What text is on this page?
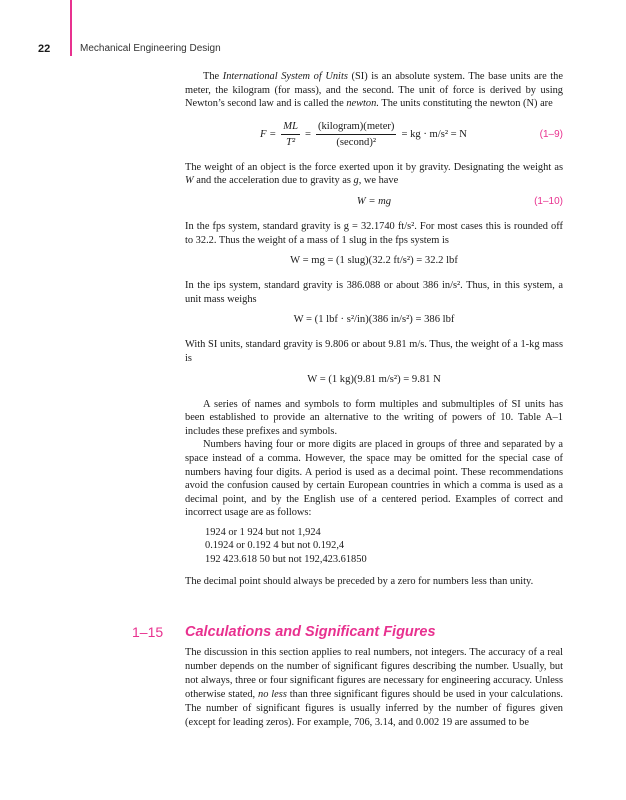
22	Mechanical Engineering Design

The International System of Units (SI) is an absolute system. The base units are the meter, the kilogram (for mass), and the second. The unit of force is derived by using Newton’s second law and is called the newton. The units constituting the newton (N) are

$F = \frac{ML}{\text{T²}} = \frac{\text{(kilogram)(meter)}}{\text{(second)²}}$ = kg · m/s² = N	(1–9)

The weight of an object is the force exerted upon it by gravity. Designating the weight as W and the acceleration due to gravity as g, we have

W = mg	(1–10)

In the fps system, standard gravity is g = 32.1740 ft/s². For most cases this is rounded off to 32.2. Thus the weight of a mass of 1 slug in the fps system is

W = mg = (1 slug)(32.2 ft/s²) = 32.2 lbf

In the ips system, standard gravity is 386.088 or about 386 in/s². Thus, in this system, a unit mass weighs

W = (1 lbf · s²/in)(386 in/s²) = 386 lbf

With SI units, standard gravity is 9.806 or about 9.81 m/s. Thus, the weight of a 1-kg mass is

W = (1 kg)(9.81 m/s²) = 9.81 N

A series of names and symbols to form multiples and submultiples of SI units has been established to provide an alternative to the writing of powers of 10. Table A–1 includes these prefixes and symbols.

Numbers having four or more digits are placed in groups of three and separated by a space instead of a comma. However, the space may be omitted for the special case of numbers having four digits. A period is used as a decimal point. These recommendations avoid the confusion caused by certain European countries in which a comma is used as a decimal point, and by the English use of a centered period. Examples of correct and incorrect usage are as follows:

1924 or 1 924 but not 1,924
0.1924 or 0.192 4 but not 0.192,4
192 423.618 50 but not 192,423.61850

The decimal point should always be preceded by a zero for numbers less than unity.

1–15 Calculations and Significant Figures

The discussion in this section applies to real numbers, not integers. The accuracy of a real number depends on the number of significant figures describing the number. Usually, but not always, three or four significant figures are necessary for engineering accuracy. Unless otherwise stated, no less than three significant figures should be used in your calculations. The number of significant figures is usually inferred by the number of figures given (except for leading zeros). For example, 706, 3.14, and 0.002 19 are assumed to be
